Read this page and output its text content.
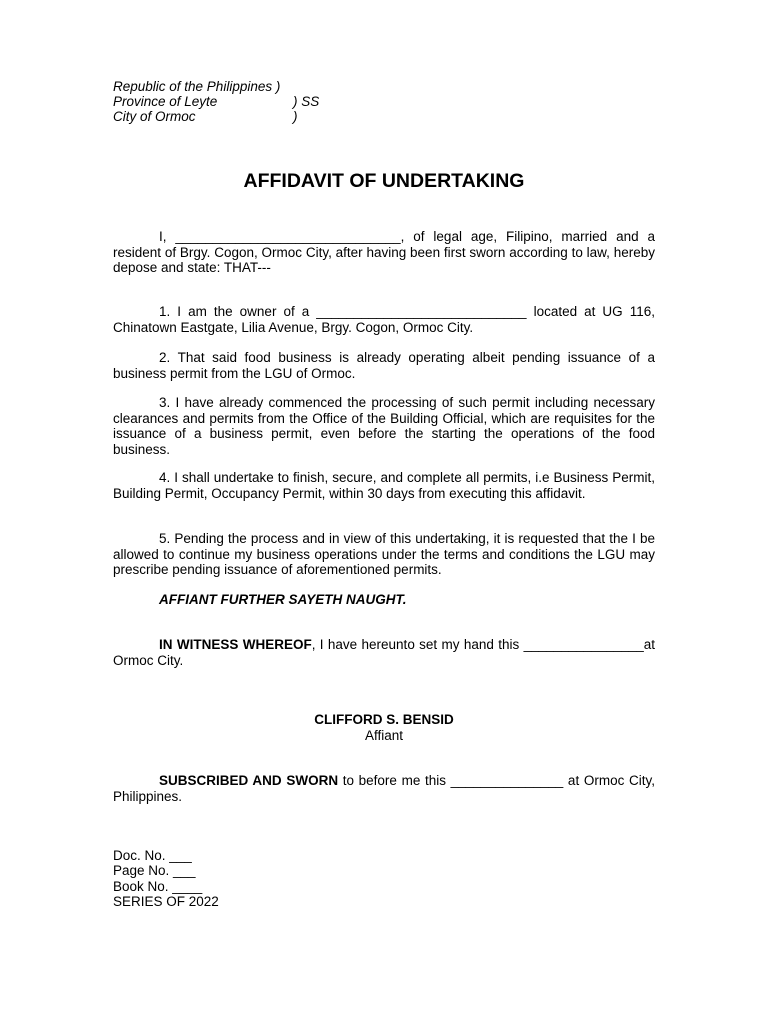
Republic of the Philippines )
Province of Leyte	) SS
City of Ormoc	)
AFFIDAVIT OF UNDERTAKING
I, ______________________________, of legal age, Filipino, married and a resident of Brgy. Cogon, Ormoc City, after having been first sworn according to law, hereby depose and state: THAT---
1. I am the owner of a ____________________________ located at UG 116, Chinatown Eastgate, Lilia Avenue, Brgy. Cogon, Ormoc City.
2. That said food business is already operating albeit pending issuance of a business permit from the LGU of Ormoc.
3. I have already commenced the processing of such permit including necessary clearances and permits from the Office of the Building Official, which are requisites for the issuance of a business permit, even before the starting the operations of the food business.
4. I shall undertake to finish, secure, and complete all permits, i.e Business Permit, Building Permit, Occupancy Permit, within 30 days from executing this affidavit.
5. Pending the process and in view of this undertaking, it is requested that the I be allowed to continue my business operations under the terms and conditions the LGU may prescribe pending issuance of aforementioned permits.
AFFIANT FURTHER SAYETH NAUGHT.
IN WITNESS WHEREOF, I have hereunto set my hand this ________________at Ormoc City.
CLIFFORD S. BENSID
Affiant
SUBSCRIBED AND SWORN to before me this _______________ at Ormoc City, Philippines.
Doc. No. ___
Page No. ___
Book No. ____
SERIES OF 2022
